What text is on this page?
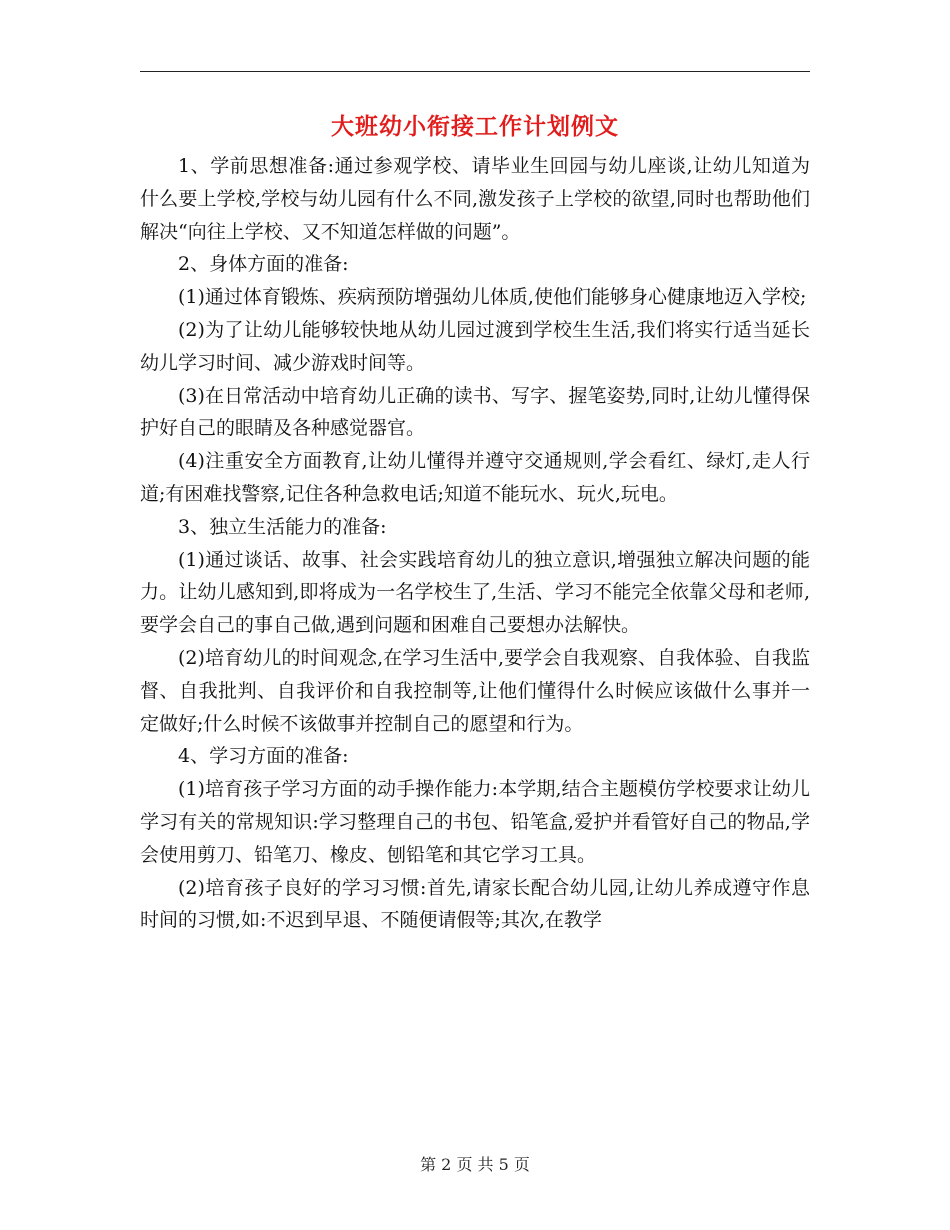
大班幼小衔接工作计划例文

1、学前思想准备:通过参观学校、请毕业生回园与幼儿座谈,让幼儿知道为什么要上学校,学校与幼儿园有什么不同,激发孩子上学校的欲望,同时也帮助他们解决“向往上学校、又不知道怎样做的问题”。

2、身体方面的准备:

(1)通过体育锻炼、疾病预防增强幼儿体质,使他们能够身心健康地迈入学校;

(2)为了让幼儿能够较快地从幼儿园过渡到学校生生活,我们将实行适当延长幼儿学习时间、减少游戏时间等。

(3)在日常活动中培育幼儿正确的读书、写字、握笔姿势,同时,让幼儿懂得保护好自己的眼睛及各种感觉器官。

(4)注重安全方面教育,让幼儿懂得并遵守交通规则,学会看红、绿灯,走人行道;有困难找警察,记住各种急救电话;知道不能玩水、玩火,玩电。

3、独立生活能力的准备:

(1)通过谈话、故事、社会实践培育幼儿的独立意识,增强独立解决问题的能力。让幼儿感知到,即将成为一名学校生了,生活、学习不能完全依靠父母和老师,要学会自己的事自己做,遇到问题和困难自己要想办法解快。

(2)培育幼儿的时间观念,在学习生活中,要学会自我观察、自我体验、自我监督、自我批判、自我评价和自我控制等,让他们懂得什么时候应该做什么事并一定做好;什么时候不该做事并控制自己的愿望和行为。

4、学习方面的准备:

(1)培育孩子学习方面的动手操作能力:本学期,结合主题模仿学校要求让幼儿学习有关的常规知识:学习整理自己的书包、铅笔盒,爱护并看管好自己的物品,学会使用剪刀、铅笔刀、橡皮、刨铅笔和其它学习工具。

(2)培育孩子良好的学习习惯:首先,请家长配合幼儿园,让幼儿养成遵守作息时间的习惯,如:不迟到早退、不随便请假等;其次,在教学

第 2 页 共 5 页
